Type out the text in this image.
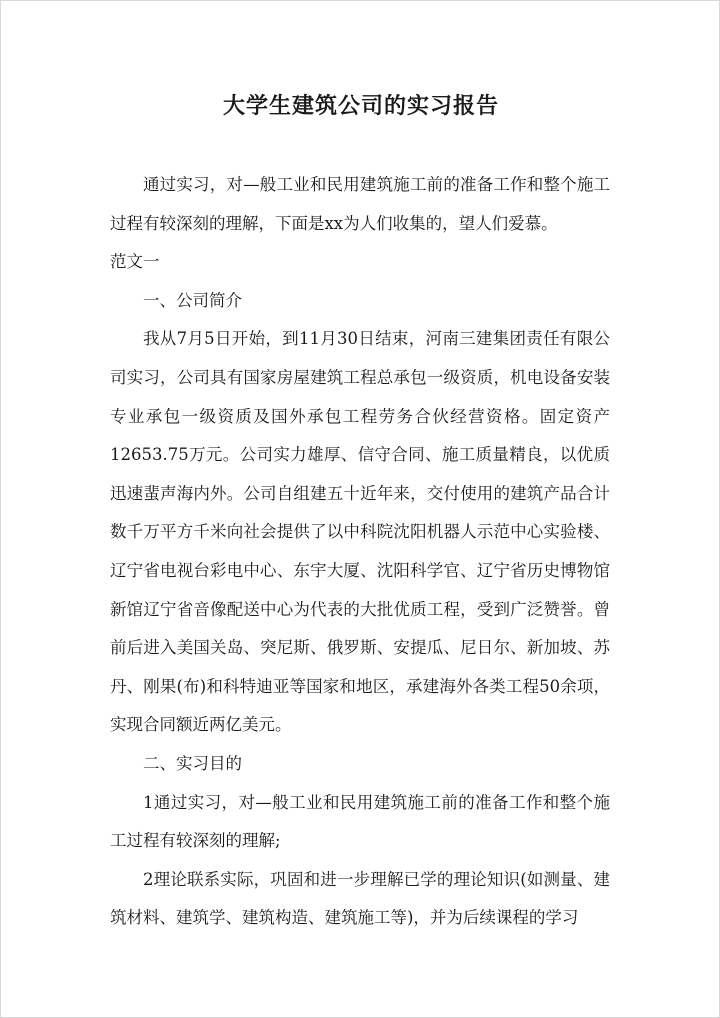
大学生建筑公司的实习报告

通过实习，对—般工业和民用建筑施工前的准备工作和整个施工过程有较深刻的理解，下面是xx为人们收集的，望人们爱慕。

范文一

一、公司简介

我从7月5日开始，到11月30日结束，河南三建集团责任有限公司实习，公司具有国家房屋建筑工程总承包一级资质，机电设备安装专业承包一级资质及国外承包工程劳务合伙经营资格。固定资产12653.75万元。公司实力雄厚、信守合同、施工质量精良，以优质迅速蜚声海内外。公司自组建五十近年来，交付使用的建筑产品合计数千万平方千米向社会提供了以中科院沈阳机器人示范中心实验楼、辽宁省电视台彩电中心、东宇大厦、沈阳科学官、辽宁省历史博物馆新馆辽宁省音像配送中心为代表的大批优质工程，受到广泛赞誉。曾前后进入美国关岛、突尼斯、俄罗斯、安提瓜、尼日尔、新加坡、苏丹、刚果(布)和科特迪亚等国家和地区，承建海外各类工程50余项，实现合同额近两亿美元。

二、实习目的

1通过实习，对—般工业和民用建筑施工前的准备工作和整个施工过程有较深刻的理解;

2理论联系实际，巩固和进一步理解已学的理论知识(如测量、建筑材料、建筑学、建筑构造、建筑施工等)，并为后续课程的学习
